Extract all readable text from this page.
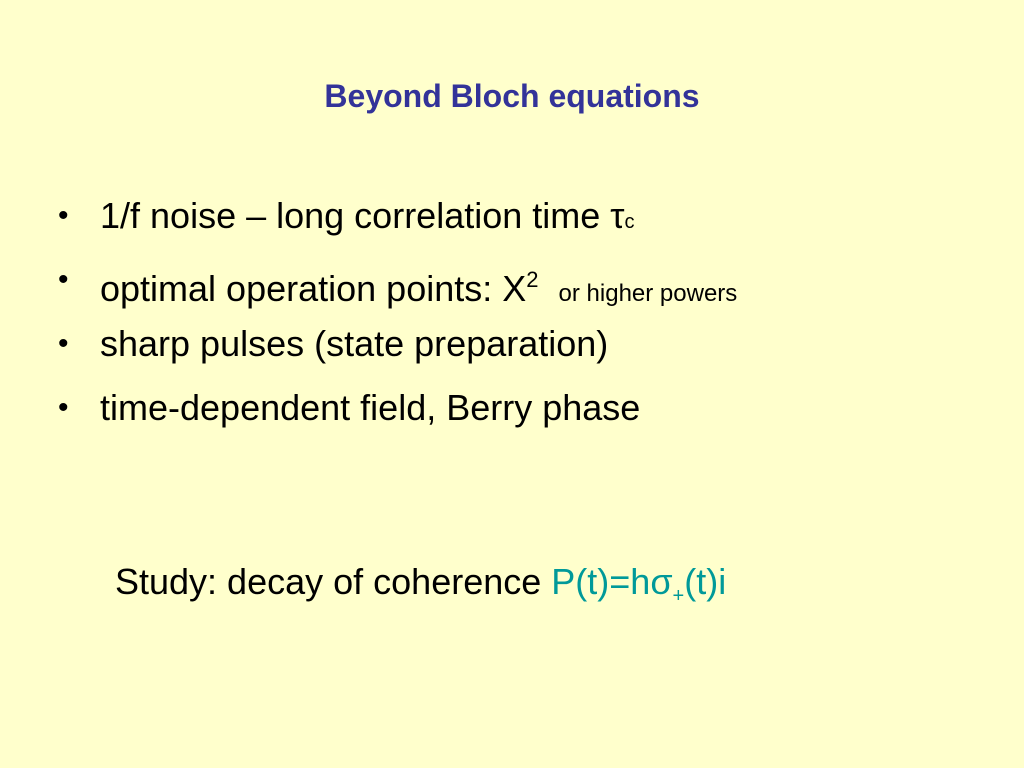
Beyond Bloch equations
• 1/f noise – long correlation time τc
• optimal operation points: $X^2$  or higher powers
• sharp pulses (state preparation)
• time-dependent field, Berry phase
Study: decay of coherence $P(t)=h\sigma_+(t)i$
